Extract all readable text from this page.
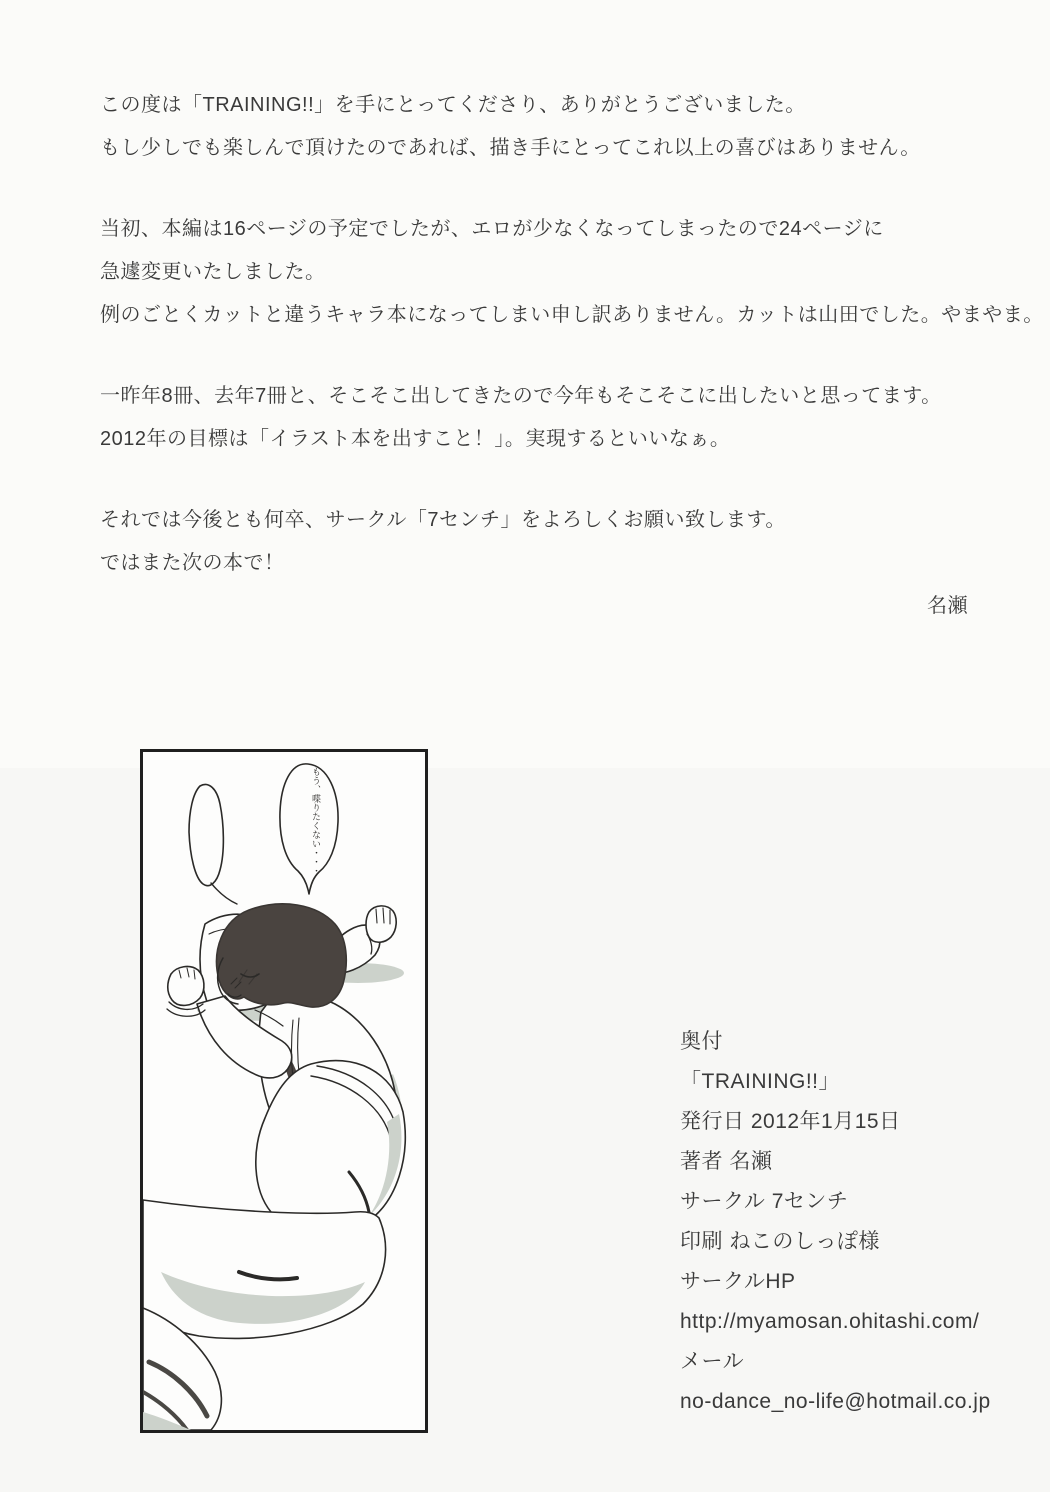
この度は「TRAINING!!」を手にとってくださり、ありがとうございました。
もし少しでも楽しんで頂けたのであれば、描き手にとってこれ以上の喜びはありません。

当初、本編は16ページの予定でしたが、エロが少なくなってしまったので24ページに
急遽変更いたしました。
例のごとくカットと違うキャラ本になってしまい申し訳ありません。カットは山田でした。やまやま。

一昨年8冊、去年7冊と、そこそこ出してきたので今年もそこそこに出したいと思ってます。
2012年の目標は「イラスト本を出すこと！」。実現するといいなぁ。

それでは今後とも何卒、サークル「7センチ」をよろしくお願い致します。
ではまた次の本で！

名瀬
もう、喋りたくない・・・
奥付
「TRAINING!!」
発行日 2012年1月15日
著者 名瀬
サークル 7センチ
印刷 ねこのしっぽ様
サークルHP
http://myamosan.ohitashi.com/
メール
no-dance_no-life@hotmail.co.jp
